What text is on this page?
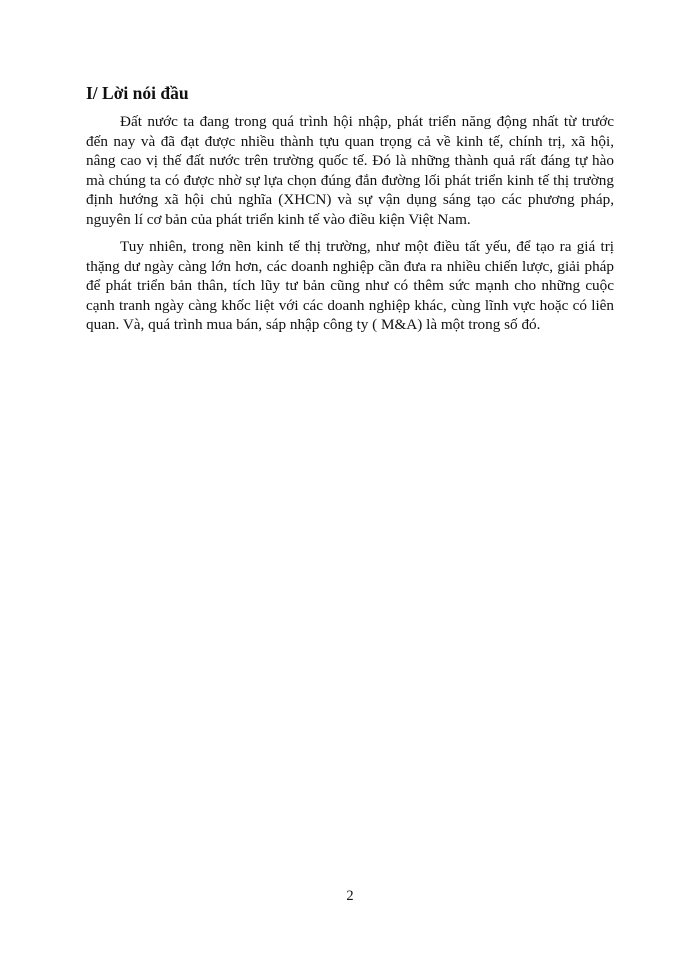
I/ Lời nói đầu

Đất nước ta đang trong quá trình hội nhập, phát triển năng động nhất từ trước đến nay và đã đạt được nhiều thành tựu quan trọng cả về kinh tế, chính trị, xã hội, nâng cao vị thế đất nước trên trường quốc tế. Đó là những thành quả rất đáng tự hào mà chúng ta có được nhờ sự lựa chọn đúng đắn đường lối phát triển kinh tế thị trường định hướng xã hội chủ nghĩa (XHCN) và sự vận dụng sáng tạo các phương pháp, nguyên lí cơ bản của phát triển kinh tế vào điều kiện Việt Nam.

Tuy nhiên, trong nền kinh tế thị trường, như một điều tất yếu, để tạo ra giá trị thặng dư ngày càng lớn hơn, các doanh nghiệp cần đưa ra nhiều chiến lược, giải pháp để phát triển bản thân, tích lũy tư bản cũng như có thêm sức mạnh cho những cuộc cạnh tranh ngày càng khốc liệt với các doanh nghiệp khác, cùng lĩnh vực hoặc có liên quan. Và, quá trình mua bán, sáp nhập công ty ( M&A) là một trong số đó.

2
